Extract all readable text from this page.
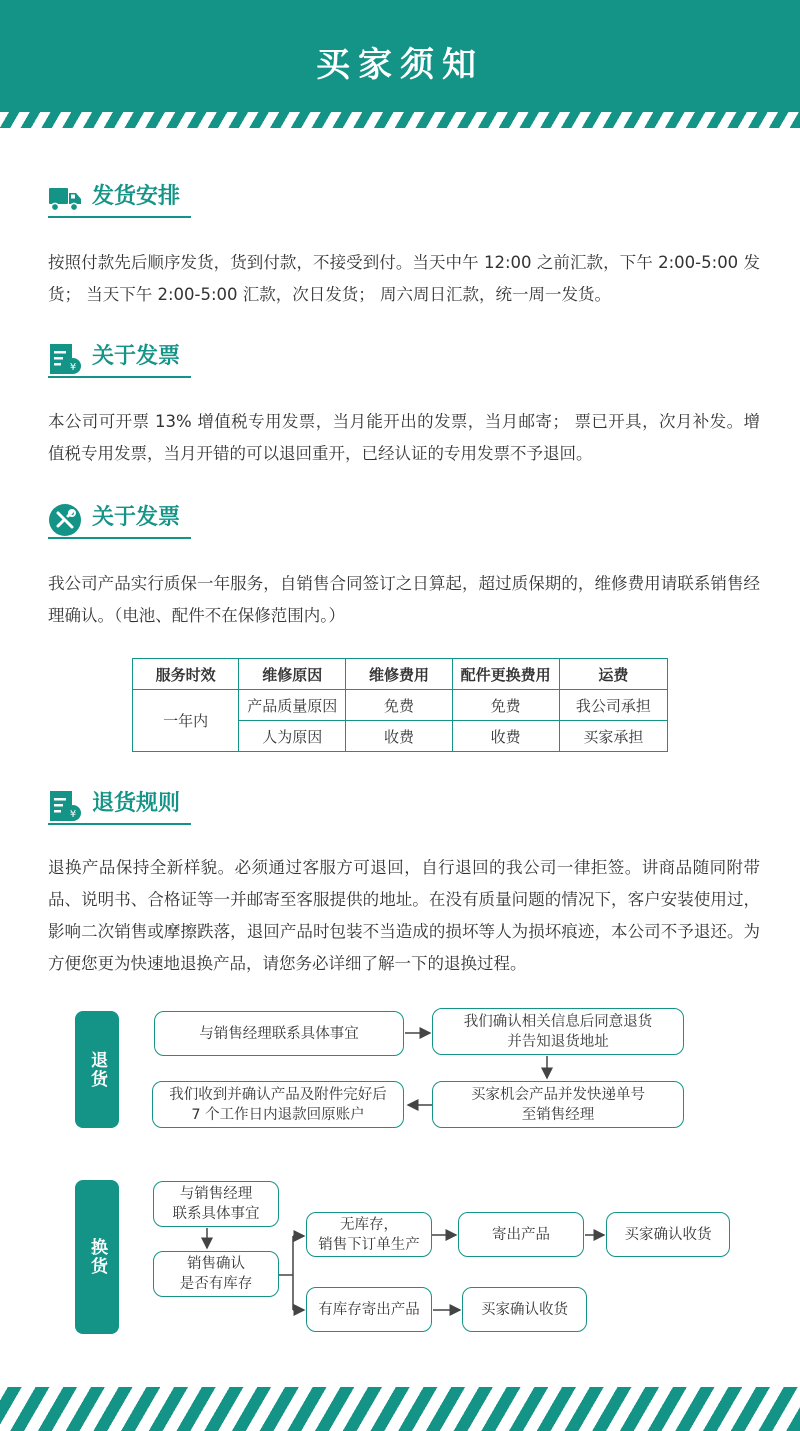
买家须知
发货安排
按照付款先后顺序发货，货到付款，不接受到付。当天中午 12:00 之前汇款，下午 2:00-5:00 发货； 当天下午 2:00-5:00 汇款，次日发货； 周六周日汇款，统一周一发货。
¥ 关于发票
本公司可开票 13% 增值税专用发票，当月能开出的发票，当月邮寄； 票已开具，次月补发。增值税专用发票，当月开错的可以退回重开，已经认证的专用发票不予退回。
关于发票
我公司产品实行质保一年服务，自销售合同签订之日算起，超过质保期的，维修费用请联系销售经理确认。（电池、配件不在保修范围内。）
服务时效	维修原因	维修费用	配件更换费用	运费
一年内	产品质量原因	免费	免费	我公司承担
	人为原因	收费	收费	买家承担
¥ 退货规则
退换产品保持全新样貌。必须通过客服方可退回，自行退回的我公司一律拒签。讲商品随同附带品、说明书、合格证等一并邮寄至客服提供的地址。在没有质量问题的情况下，客户安装使用过，影响二次销售或摩擦跌落，退回产品时包装不当造成的损坏等人为损坏痕迹，本公司不予退还。为方便您更为快速地退换产品，请您务必详细了解一下的退换过程。
退货
与销售经理联系具体事宜
我们确认相关信息后同意退货
并告知退货地址
买家机会产品并发快递单号
至销售经理
我们收到并确认产品及附件完好后
7 个工作日内退款回原账户
换货
与销售经理
联系具体事宜
销售确认
是否有库存
无库存，
销售下订单生产
寄出产品	买家确认收货
有库存寄出产品	买家确认收货
